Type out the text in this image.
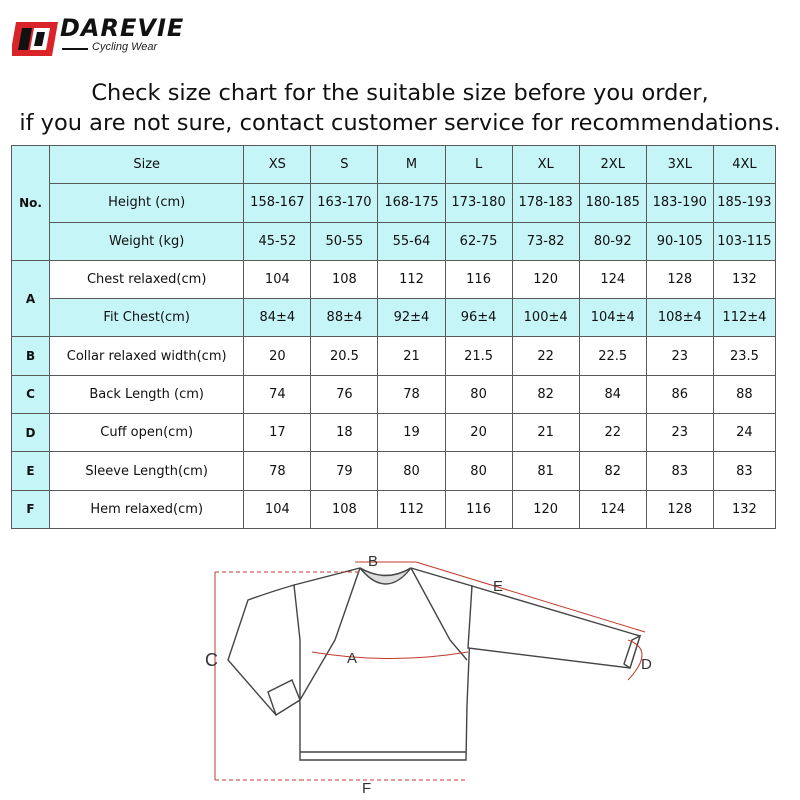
DAREVIE
Cycling Wear
Check size chart for the suitable size before you order,
if you are not sure, contact customer service for recommendations.
No.	Size	XS	S	M	L	XL	2XL	3XL	4XL
	Height (cm)	158-167	163-170	168-175	173-180	178-183	180-185	183-190	185-193
	Weight (kg)	45-52	50-55	55-64	62-75	73-82	80-92	90-105	103-115
A	Chest relaxed(cm)	104	108	112	116	120	124	128	132
	Fit Chest(cm)	84±4	88±4	92±4	96±4	100±4	104±4	108±4	112±4
B	Collar relaxed width(cm)	20	20.5	21	21.5	22	22.5	23	23.5
C	Back Length (cm)	74	76	78	80	82	84	86	88
D	Cuff open(cm)	17	18	19	20	21	22	23	24
E	Sleeve Length(cm)	78	79	80	80	81	82	83	83
F	Hem relaxed(cm)	104	108	112	116	120	124	128	132
B
E
C	A	D
F
